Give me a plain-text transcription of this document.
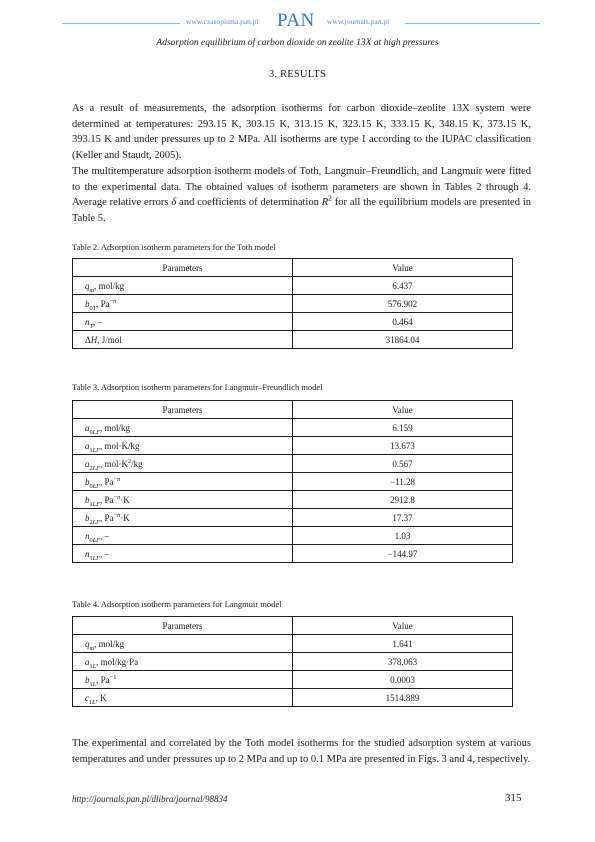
www.czasopisma.pan.pl PAN www.journals.pan.pl
Adsorption equilibrium of carbon dioxide on zeolite 13X at high pressures
3. RESULTS

As a result of measurements, the adsorption isotherms for carbon dioxide–zeolite 13X system were determined at temperatures: 293.15 K, 303.15 K, 313.15 K, 323.15 K, 333.15 K, 348.15 K, 373.15 K, 393.15 K and under pressures up to 2 MPa. All isotherms are type I according to the IUPAC classification (Keller and Staudt, 2005).

The multitemperature adsorption isotherm models of Toth, Langmuir–Freundlich, and Langmuir were fitted to the experimental data. The obtained values of isotherm parameters are shown in Tables 2 through 4. Average relative errors δ and coefficients of determination $R^2$ for all the equilibrium models are presented in Table 5.

Table 2. Adsorption isotherm parameters for the Toth model

Parameters	Value
$q_m$, mol/kg	6.437
$b_{0T}$, $Pa^{-n}$	576.902
$n_T$, –	0.464
ΔH, J/mol	31864.04

Table 3. Adsorption isotherm parameters for Langmuir–Freundlich model

Parameters	Value
$a_{0LF}$, mol/kg	6.159
$a_{1LF}$, mol·K/kg	13.673
$a_{2LF}$, $mol\cdot K^2/kg$	0.567
$b_{0LF}$, $Pa^{-n}$	−11.28
$b_{1LF}$, $Pa^{-n}\cdot K$	2912.8
$b_{2LF}$, $Pa^{-n}\cdot K$	17.37
$n_{0LF}$, –	1.03
$n_{1LF}$, –	−144.97

Table 4. Adsorption isotherm parameters for Langmuir model

Parameters	Value
$q_m$, mol/kg	1.641
$a_{1L}$, mol/kg·Pa	378.063
$b_{1L}$, $Pa^{-1}$	0.0003
$c_{1L}$, K	1514.889

The experimental and correlated by the Toth model isotherms for the studied adsorption system at various temperatures and under pressures up to 2 MPa and up to 0.1 MPa are presented in Figs. 3 and 4, respectively.

http://journals.pan.pl/dlibra/journal/98834	315
